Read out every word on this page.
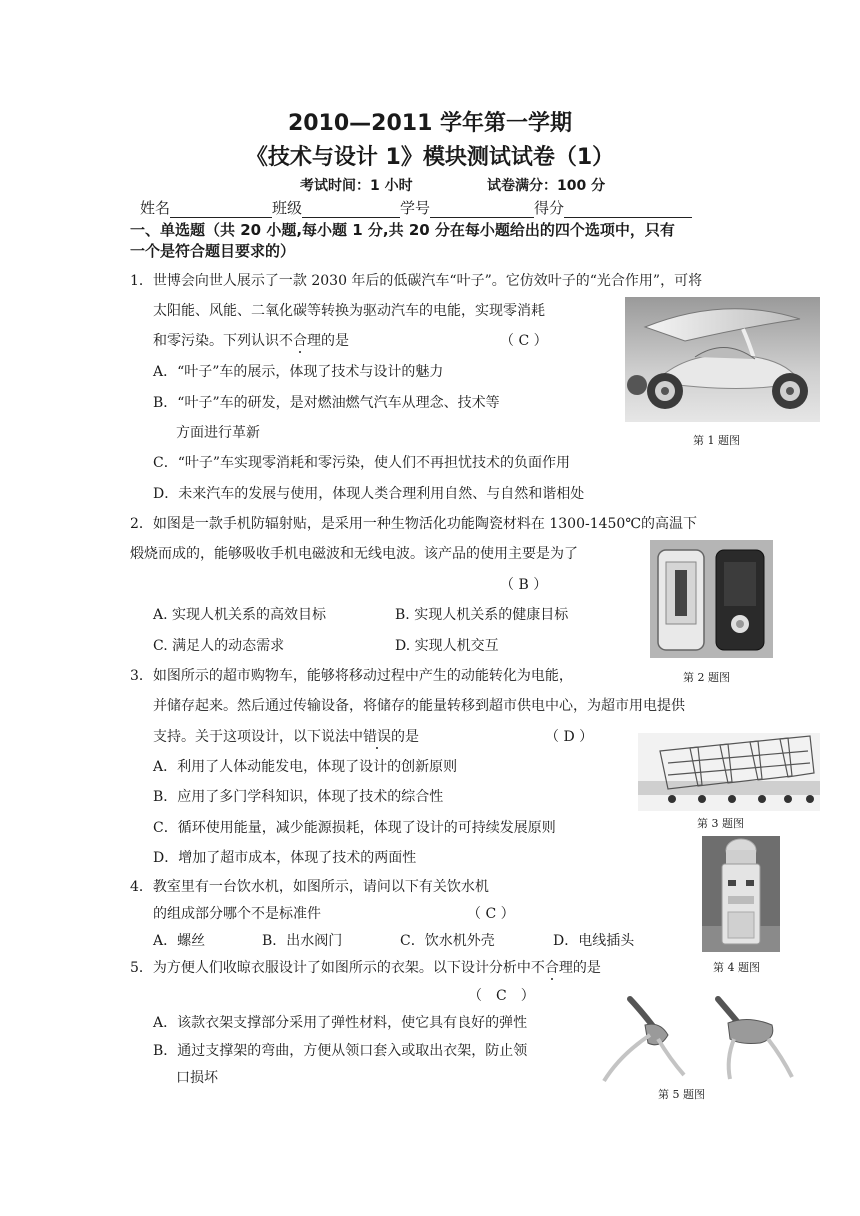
2010—2011 学年第一学期
《技术与设计 1》模块测试试卷（1）
考试时间：1 小时	试卷满分：100 分
姓名	班级	学号	得分
一、单选题（共 20 小题,每小题 1 分,共 20 分在每小题给出的四个选项中，只有
一个是符合题目要求的）
1．世博会向世人展示了一款 2030 年后的低碳汽车“叶子”。它仿效叶子的“光合作用”，可将
太阳能、风能、二氧化碳等转换为驱动汽车的电能，实现零消耗
和零污染。下列认识不合理的是	（ C ）
A．“叶子”车的展示，体现了技术与设计的魅力
B．“叶子”车的研发，是对燃油燃气汽车从理念、技术等
方面进行革新
C．“叶子”车实现零消耗和零污染，使人们不再担忧技术的负面作用
D．未来汽车的发展与使用，体现人类合理利用自然、与自然和谐相处
第 1 题图
2．如图是一款手机防辐射贴，是采用一种生物活化功能陶瓷材料在 1300-1450℃的高温下
煅烧而成的，能够吸收手机电磁波和无线电波。该产品的使用主要是为了
（ B ）
A. 实现人机关系的高效目标	B. 实现人机关系的健康目标
C. 满足人的动态需求	D. 实现人机交互
第 2 题图
3．如图所示的超市购物车，能够将移动过程中产生的动能转化为电能，
并储存起来。然后通过传输设备，将储存的能量转移到超市供电中心，为超市用电提供
支持。关于这项设计，以下说法中错误的是	（ D ）
A．利用了人体动能发电，体现了设计的创新原则
B．应用了多门学科知识，体现了技术的综合性
C．循环使用能量，减少能源损耗，体现了设计的可持续发展原则
D．增加了超市成本，体现了技术的两面性
第 3 题图
4．教室里有一台饮水机，如图所示，请问以下有关饮水机
的组成部分哪个不是标准件	（ C ）
A．螺丝	B．出水阀门	C．饮水机外壳	D．电线插头
第 4 题图
5．为方便人们收晾衣服设计了如图所示的衣架。以下设计分析中不合理的是
（　C　）
A．该款衣架支撑部分采用了弹性材料，使它具有良好的弹性
B．通过支撑架的弯曲，方便从领口套入或取出衣架，防止领
口损坏
第 5 题图
